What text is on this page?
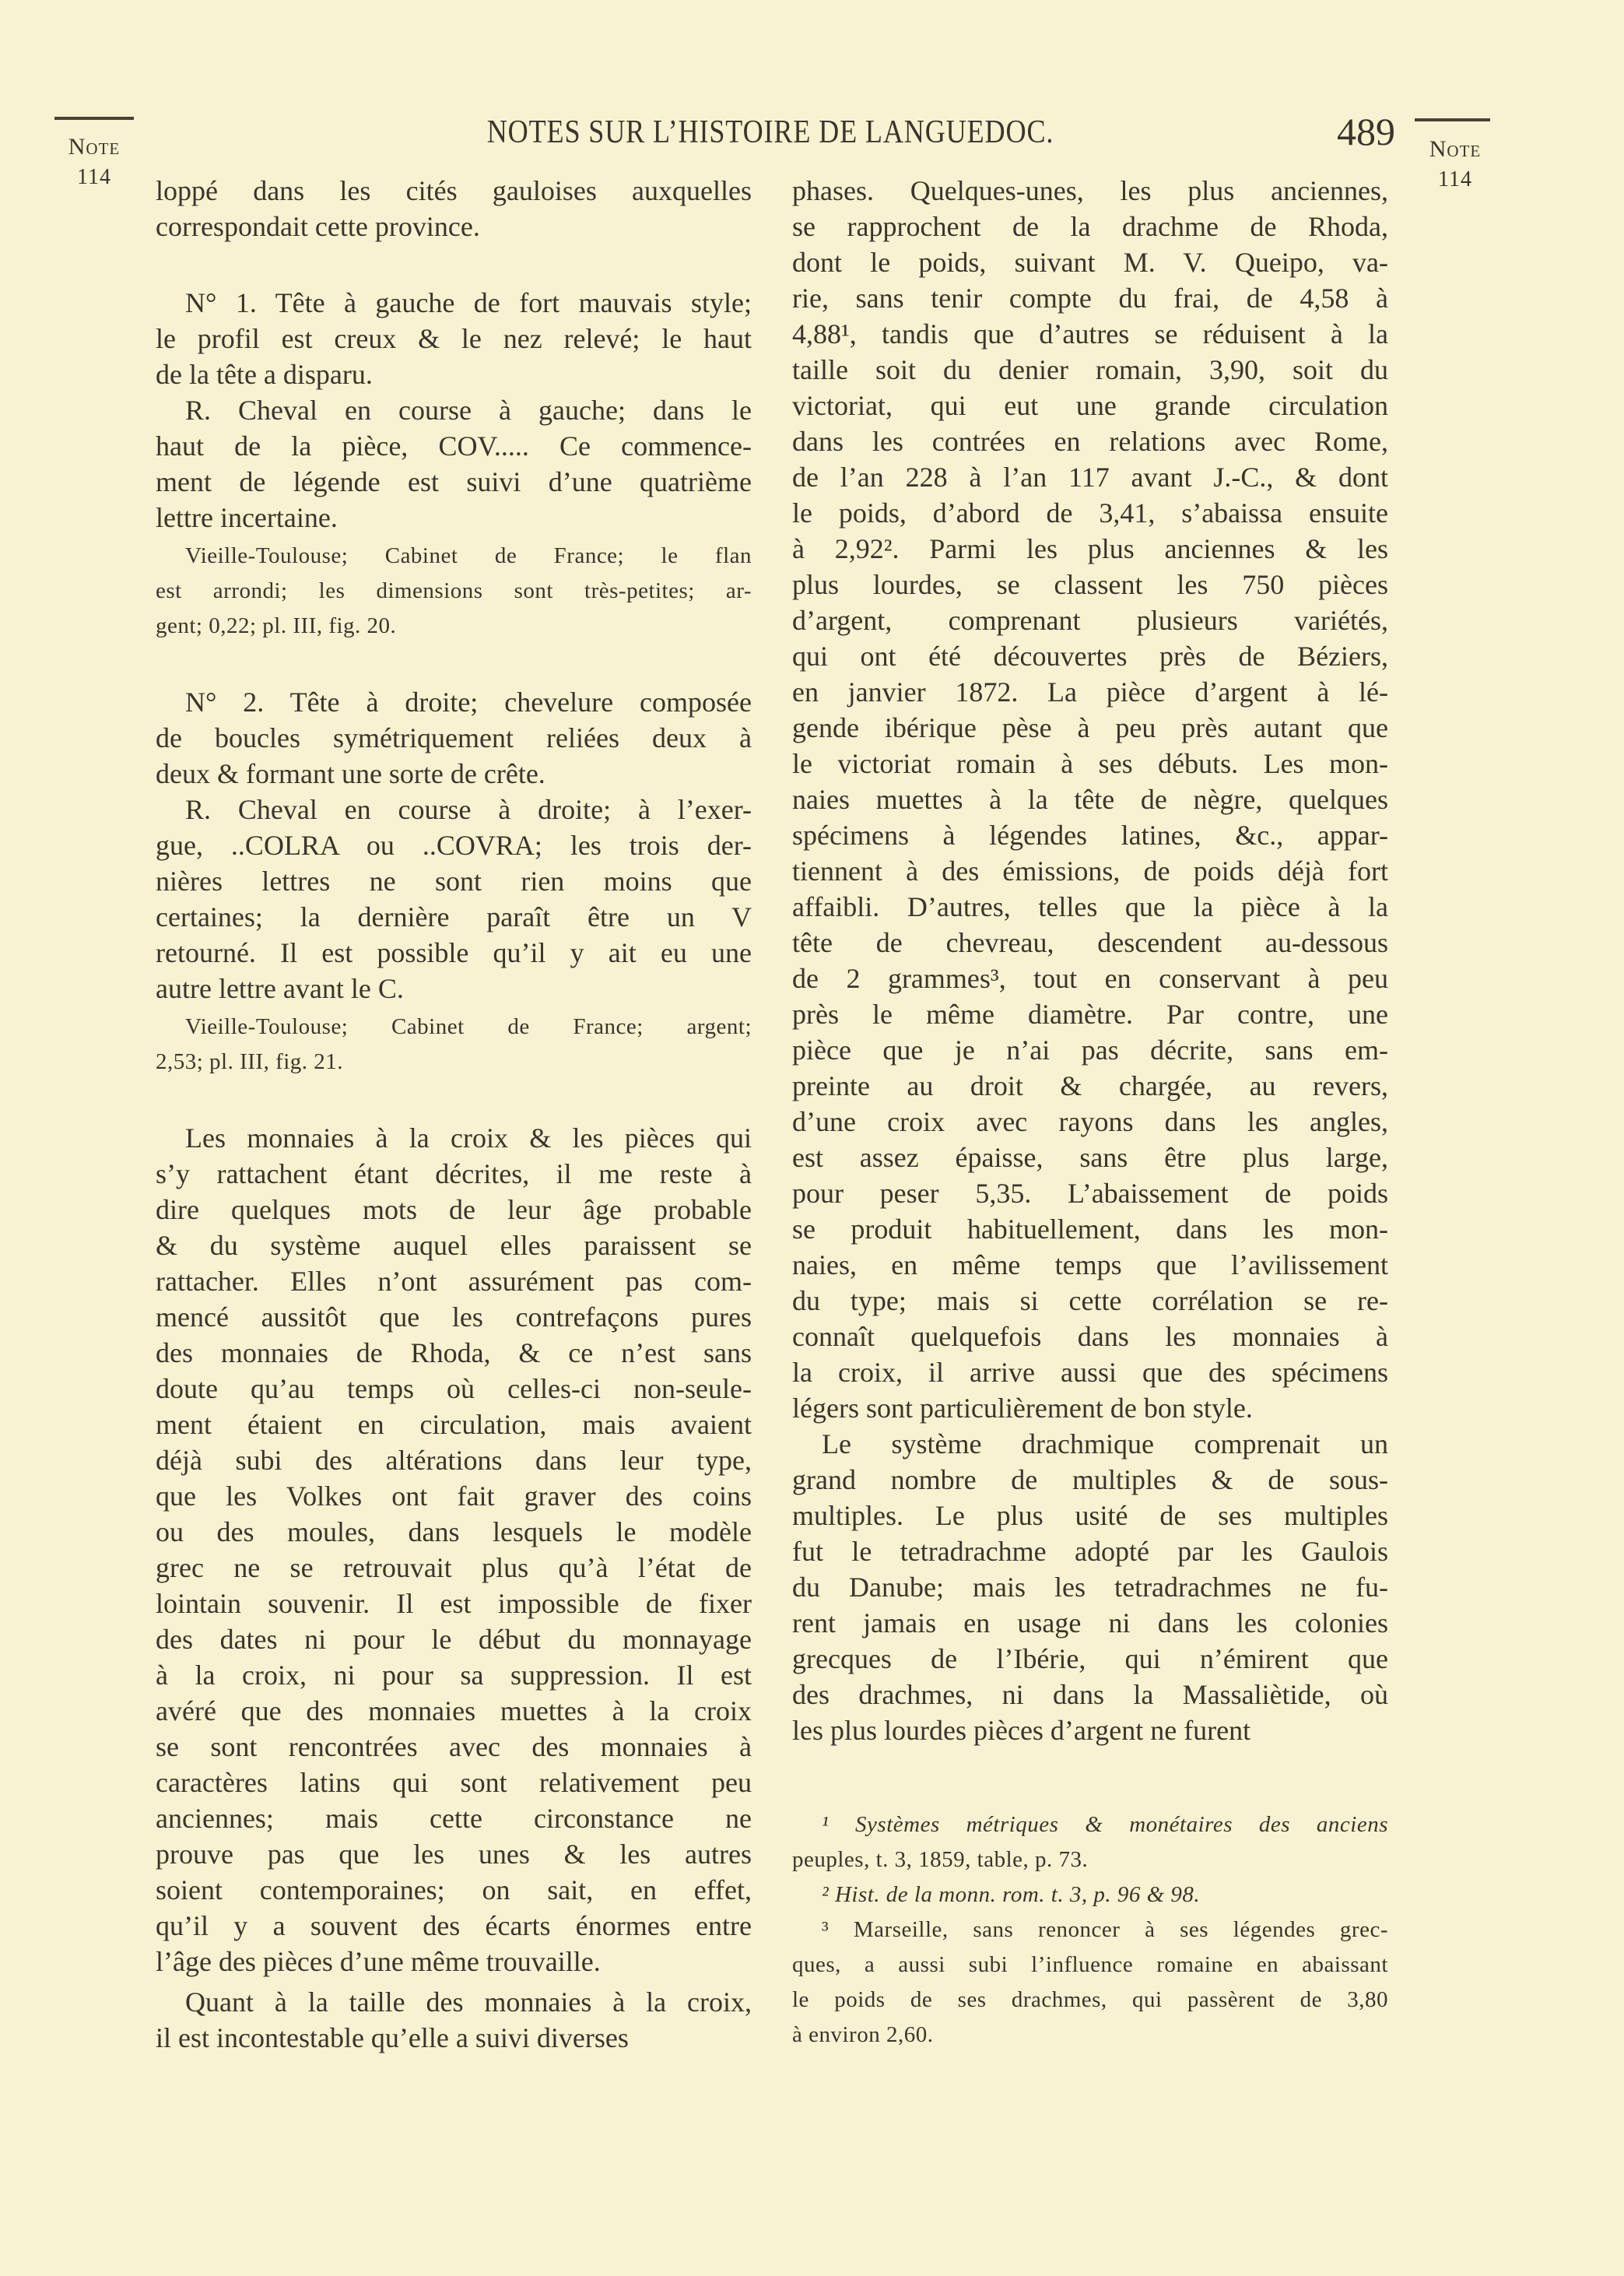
Note
114
Note
114
NOTES SUR L’HISTOIRE DE LANGUEDOC.	489
loppé dans les cités gauloises auxquelles
correspondait cette province.
N° 1. Tête à gauche de fort mauvais style;
le profil est creux & le nez relevé; le haut
de la tête a disparu.
R. Cheval en course à gauche; dans le
haut de la pièce, COV..... Ce commence-
ment de légende est suivi d’une quatrième
lettre incertaine.
Vieille-Toulouse; Cabinet de France; le flan
est arrondi; les dimensions sont très-petites; ar-
gent; 0,22; pl. III, fig. 20.
N° 2. Tête à droite; chevelure composée
de boucles symétriquement reliées deux à
deux & formant une sorte de crête.
R. Cheval en course à droite; à l’exer-
gue, ..COLRA ou ..COVRA; les trois der-
nières lettres ne sont rien moins que
certaines; la dernière paraît être un V
retourné. Il est possible qu’il y ait eu une
autre lettre avant le C.
Vieille-Toulouse; Cabinet de France; argent;
2,53; pl. III, fig. 21.
Les monnaies à la croix & les pièces qui
s’y rattachent étant décrites, il me reste à
dire quelques mots de leur âge probable
& du système auquel elles paraissent se
rattacher. Elles n’ont assurément pas com-
mencé aussitôt que les contrefaçons pures
des monnaies de Rhoda, & ce n’est sans
doute qu’au temps où celles-ci non-seule-
ment étaient en circulation, mais avaient
déjà subi des altérations dans leur type,
que les Volkes ont fait graver des coins
ou des moules, dans lesquels le modèle
grec ne se retrouvait plus qu’à l’état de
lointain souvenir. Il est impossible de fixer
des dates ni pour le début du monnayage
à la croix, ni pour sa suppression. Il est
avéré que des monnaies muettes à la croix
se sont rencontrées avec des monnaies à
caractères latins qui sont relativement peu
anciennes; mais cette circonstance ne
prouve pas que les unes & les autres
soient contemporaines; on sait, en effet,
qu’il y a souvent des écarts énormes entre
l’âge des pièces d’une même trouvaille.
Quant à la taille des monnaies à la croix,
il est incontestable qu’elle a suivi diverses
phases. Quelques-unes, les plus anciennes,
se rapprochent de la drachme de Rhoda,
dont le poids, suivant M. V. Queipo, va-
rie, sans tenir compte du frai, de 4,58 à
4,88¹, tandis que d’autres se réduisent à la
taille soit du denier romain, 3,90, soit du
victoriat, qui eut une grande circulation
dans les contrées en relations avec Rome,
de l’an 228 à l’an 117 avant J.-C., & dont
le poids, d’abord de 3,41, s’abaissa ensuite
à 2,92². Parmi les plus anciennes & les
plus lourdes, se classent les 750 pièces
d’argent, comprenant plusieurs variétés,
qui ont été découvertes près de Béziers,
en janvier 1872. La pièce d’argent à lé-
gende ibérique pèse à peu près autant que
le victoriat romain à ses débuts. Les mon-
naies muettes à la tête de nègre, quelques
spécimens à légendes latines, &c., appar-
tiennent à des émissions, de poids déjà fort
affaibli. D’autres, telles que la pièce à la
tête de chevreau, descendent au-dessous
de 2 grammes³, tout en conservant à peu
près le même diamètre. Par contre, une
pièce que je n’ai pas décrite, sans em-
preinte au droit & chargée, au revers,
d’une croix avec rayons dans les angles,
est assez épaisse, sans être plus large,
pour peser 5,35. L’abaissement de poids
se produit habituellement, dans les mon-
naies, en même temps que l’avilissement
du type; mais si cette corrélation se re-
connaît quelquefois dans les monnaies à
la croix, il arrive aussi que des spécimens
légers sont particulièrement de bon style.
Le système drachmique comprenait un
grand nombre de multiples & de sous-
multiples. Le plus usité de ses multiples
fut le tetradrachme adopté par les Gaulois
du Danube; mais les tetradrachmes ne fu-
rent jamais en usage ni dans les colonies
grecques de l’Ibérie, qui n’émirent que
des drachmes, ni dans la Massaliètide, où
les plus lourdes pièces d’argent ne furent
¹ Systèmes métriques & monétaires des anciens
peuples, t. 3, 1859, table, p. 73.
² Hist. de la monn. rom. t. 3, p. 96 & 98.
³ Marseille, sans renoncer à ses légendes grec-
ques, a aussi subi l’influence romaine en abaissant
le poids de ses drachmes, qui passèrent de 3,80
à environ 2,60.
